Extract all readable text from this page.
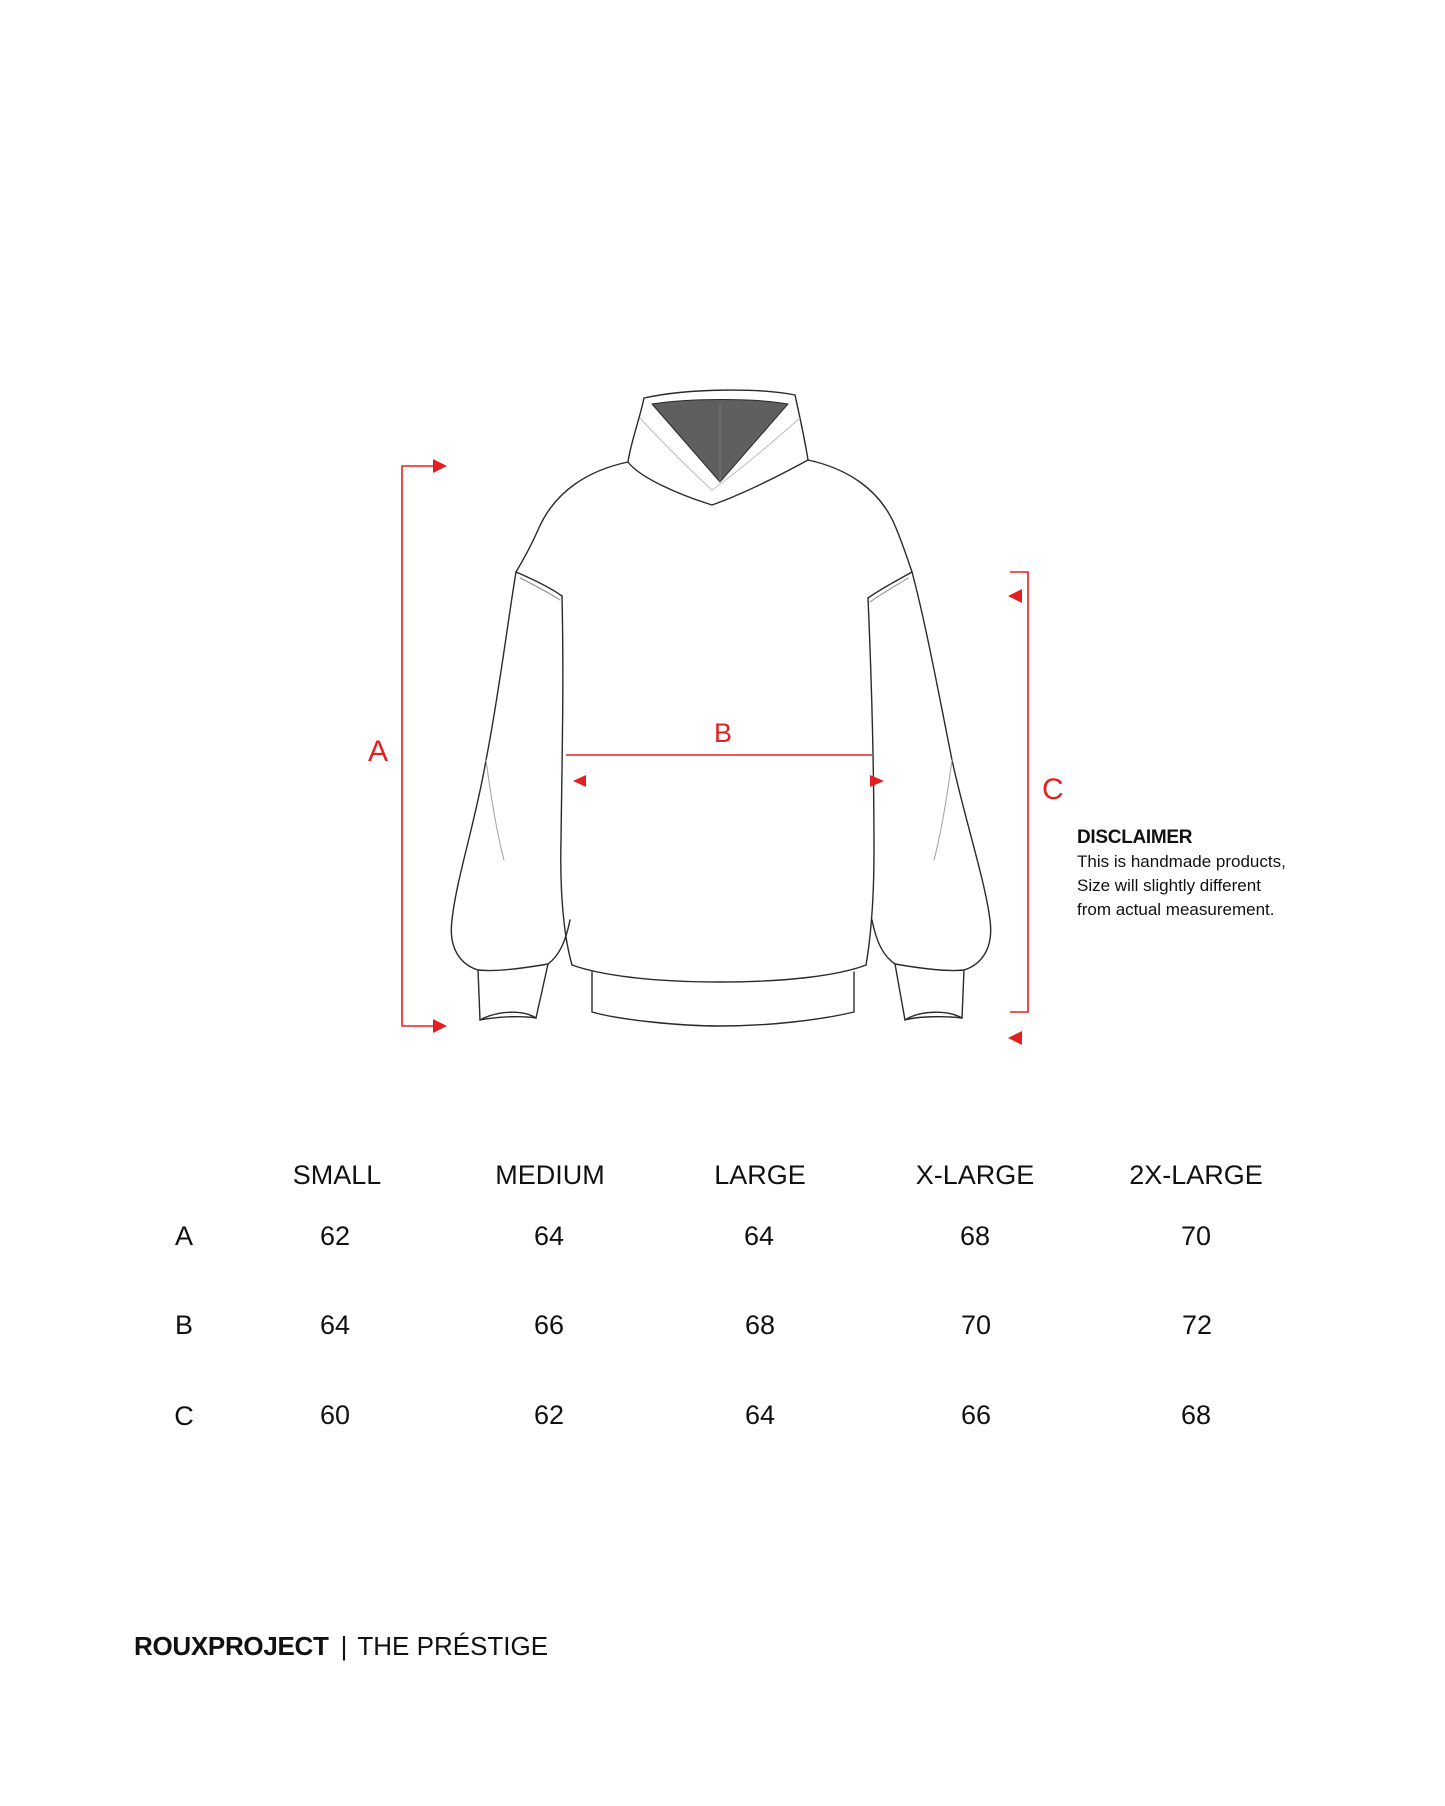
A
B
C
DISCLAIMER
This is handmade products,
Size will slightly different
from actual measurement.
SMALL	MEDIUM	LARGE	X-LARGE	2X-LARGE
A	62	64	64	68	70
B	64	66	68	70	72
C	60	62	64	66	68
ROUXPROJECT | THE PRÉSTIGE
